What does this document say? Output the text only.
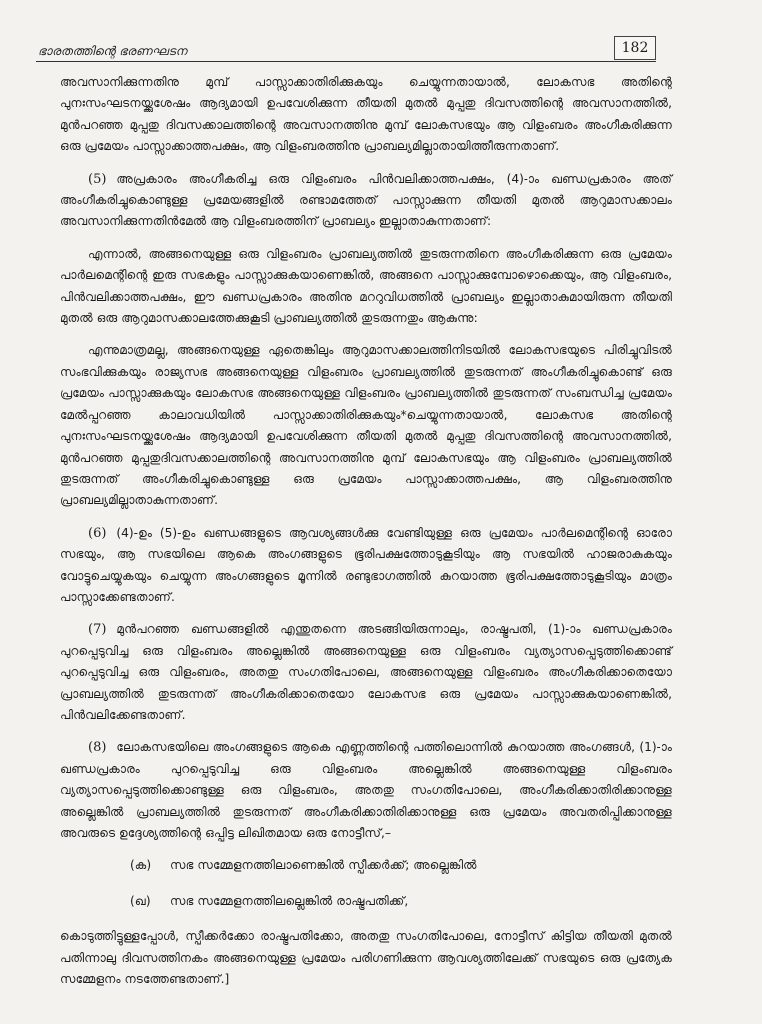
ഭാരതത്തിന്റെ ഭരണഘടന	182

അവസാനിക്കുന്നതിനു മുമ്പ് പാസ്സാക്കാതിരിക്കുകയും ചെയ്യുന്നതായാൽ, ലോകസഭ അതിന്റെ പുനഃസംഘടനയ്ക്കുശേഷം ആദ്യമായി ഉപവേശിക്കുന്ന തീയതി മുതൽ മുപ്പതു ദിവസത്തിന്റെ അവസാനത്തിൽ, മുൻപറഞ്ഞ മുപ്പതു ദിവസക്കാലത്തിന്റെ അവസാനത്തിനു മുമ്പ് ലോകസഭയും ആ വിളംബരം അംഗീകരിക്കുന്ന ഒരു പ്രമേയം പാസ്സാക്കാത്തപക്ഷം, ആ വിളംബരത്തിനു പ്രാബല്യമില്ലാതായിത്തീരുന്നതാണ്.

(5) അപ്രകാരം അംഗീകരിച്ച ഒരു വിളംബരം പിൻവലിക്കാത്തപക്ഷം, (4)-ാം ഖണ്ഡപ്രകാരം അത് അംഗീകരിച്ചുകൊണ്ടുള്ള പ്രമേയങ്ങളിൽ രണ്ടാമത്തേത് പാസ്സാക്കുന്ന തീയതി മുതൽ ആറുമാസക്കാലം അവസാനിക്കുന്നതിൻമേൽ ആ വിളംബരത്തിന് പ്രാബല്യം ഇല്ലാതാകുന്നതാണ്:

എന്നാൽ, അങ്ങനെയുള്ള ഒരു വിളംബരം പ്രാബല്യത്തിൽ തുടരുന്നതിനെ അംഗീകരിക്കുന്ന ഒരു പ്രമേയം പാർലമെന്റിന്റെ ഇരു സഭകളും പാസ്സാക്കുകയാണെങ്കിൽ, അങ്ങനെ പാസ്സാക്കുമ്പോഴൊക്കെയും, ആ വിളംബരം, പിൻവലിക്കാത്തപക്ഷം, ഈ ഖണ്ഡപ്രകാരം അതിനു മററുവിധത്തിൽ പ്രാബല്യം ഇല്ലാതാകുമായിരുന്ന തീയതി മുതൽ ഒരു ആറുമാസക്കാലത്തേക്കുകൂടി പ്രാബല്യത്തിൽ തുടരുന്നതും ആകുന്നു:

എന്നുമാത്രമല്ല, അങ്ങനെയുള്ള ഏതെങ്കിലും ആറുമാസക്കാലത്തിനിടയിൽ ലോകസഭയുടെ പിരിച്ചുവിടൽ സംഭവിക്കുകയും രാജ്യസഭ അങ്ങനെയുള്ള വിളംബരം പ്രാബല്യത്തിൽ തുടരുന്നത് അംഗീകരിച്ചുകൊണ്ട് ഒരു പ്രമേയം പാസ്സാക്കുകയും ലോകസഭ അങ്ങനെയുള്ള വിളംബരം പ്രാബല്യത്തിൽ തുടരുന്നത് സംബന്ധിച്ച പ്രമേയം മേൽപ്പറഞ്ഞ കാലാവധിയിൽ പാസ്സാക്കാതിരിക്കുകയും*ചെയ്യുന്നതായാൽ, ലോകസഭ അതിന്റെ പുനഃസംഘടനയ്ക്കുശേഷം ആദ്യമായി ഉപവേശിക്കുന്ന തീയതി മുതൽ മുപ്പതു ദിവസത്തിന്റെ അവസാനത്തിൽ, മുൻപറഞ്ഞ മുപ്പതുദിവസക്കാലത്തിന്റെ അവസാനത്തിനു മുമ്പ് ലോകസഭയും ആ വിളംബരം പ്രാബല്യത്തിൽ തുടരുന്നത് അംഗീകരിച്ചുകൊണ്ടുള്ള ഒരു പ്രമേയം പാസ്സാക്കാത്തപക്ഷം, ആ വിളംബരത്തിനു പ്രാബല്യമില്ലാതാകുന്നതാണ്.

(6) (4)-ഉം (5)-ഉം ഖണ്ഡങ്ങളുടെ ആവശ്യങ്ങൾക്കു വേണ്ടിയുള്ള ഒരു പ്രമേയം പാർലമെന്റിന്റെ ഓരോ സഭയും, ആ സഭയിലെ ആകെ അംഗങ്ങളുടെ ഭൂരിപക്ഷത്തോടുകൂടിയും ആ സഭയിൽ ഹാജരാകുകയും വോട്ടുചെയ്യുകയും ചെയ്യുന്ന അംഗങ്ങളുടെ മൂന്നിൽ രണ്ടുഭാഗത്തിൽ കുറയാത്ത ഭൂരിപക്ഷത്തോടുകൂടിയും മാത്രം പാസ്സാക്കേണ്ടതാണ്.

(7) മുൻപറഞ്ഞ ഖണ്ഡങ്ങളിൽ എന്തുതന്നെ അടങ്ങിയിരുന്നാലും, രാഷ്ട്രപതി, (1)-ാം ഖണ്ഡപ്രകാരം പുറപ്പെടുവിച്ച ഒരു വിളംബരം അല്ലെങ്കിൽ അങ്ങനെയുള്ള ഒരു വിളംബരം വ്യത്യാസപ്പെടുത്തിക്കൊണ്ട് പുറപ്പെടുവിച്ച ഒരു വിളംബരം, അതതു സംഗതിപോലെ, അങ്ങനെയുള്ള വിളംബരം അംഗീകരിക്കാതെയോ പ്രാബല്യത്തിൽ തുടരുന്നത് അംഗീകരിക്കാതെയോ ലോകസഭ ഒരു പ്രമേയം പാസ്സാക്കുകയാണെങ്കിൽ, പിൻവലിക്കേണ്ടതാണ്.

(8) ലോകസഭയിലെ അംഗങ്ങളുടെ ആകെ എണ്ണത്തിന്റെ പത്തിലൊന്നിൽ കുറയാത്ത അംഗങ്ങൾ, (1)-ാം ഖണ്ഡപ്രകാരം പുറപ്പെടുവിച്ച ഒരു വിളംബരം അല്ലെങ്കിൽ അങ്ങനെയുള്ള വിളംബരം വ്യത്യാസപ്പെടുത്തിക്കൊണ്ടുള്ള ഒരു വിളംബരം, അതതു സംഗതിപോലെ, അംഗീകരിക്കാതിരിക്കാനുള്ള അല്ലെങ്കിൽ പ്രാബല്യത്തിൽ തുടരുന്നത് അംഗീകരിക്കാതിരിക്കാനുള്ള ഒരു പ്രമേയം അവതരിപ്പിക്കാനുള്ള അവരുടെ ഉദ്ദേശ്യത്തിന്റെ ഒപ്പിട്ട ലിഖിതമായ ഒരു നോട്ടീസ്,–

(ക) സഭ സമ്മേളനത്തിലാണെങ്കിൽ സ്പീക്കർക്ക്; അല്ലെങ്കിൽ

(ഖ) സഭ സമ്മേളനത്തിലല്ലെങ്കിൽ രാഷ്ട്രപതിക്ക്,

കൊടുത്തിട്ടുള്ളപ്പോൾ, സ്പീക്കർക്കോ രാഷ്ട്രപതിക്കോ, അതതു സംഗതിപോലെ, നോട്ടീസ് കിട്ടിയ തീയതി മുതൽ പതിന്നാലു ദിവസത്തിനകം അങ്ങനെയുള്ള പ്രമേയം പരിഗണിക്കുന്ന ആവശ്യത്തിലേക്ക് സഭയുടെ ഒരു പ്രത്യേക സമ്മേളനം നടത്തേണ്ടതാണ്.]
